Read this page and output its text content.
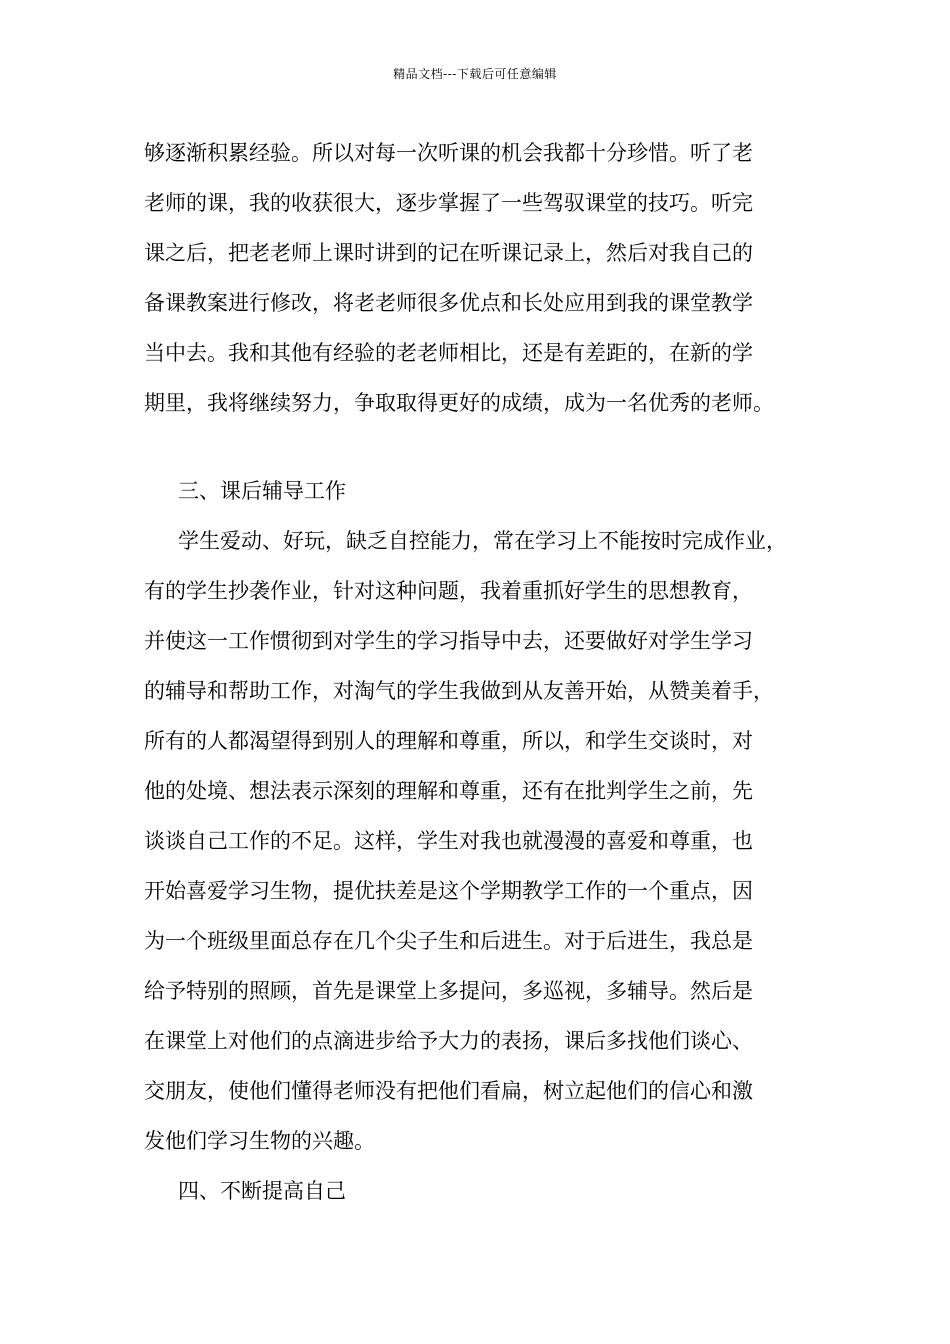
精品文档---下载后可任意编辑
够逐渐积累经验。所以对每一次听课的机会我都十分珍惜。听了老
老师的课，我的收获很大，逐步掌握了一些驾驭课堂的技巧。听完
课之后，把老老师上课时讲到的记在听课记录上，然后对我自己的
备课教案进行修改，将老老师很多优点和长处应用到我的课堂教学
当中去。我和其他有经验的老老师相比，还是有差距的，在新的学
期里，我将继续努力，争取取得更好的成绩，成为一名优秀的老师。
三、课后辅导工作
学生爱动、好玩，缺乏自控能力，常在学习上不能按时完成作业，
有的学生抄袭作业，针对这种问题，我着重抓好学生的思想教育，
并使这一工作惯彻到对学生的学习指导中去，还要做好对学生学习
的辅导和帮助工作，对淘气的学生我做到从友善开始，从赞美着手，
所有的人都渴望得到别人的理解和尊重，所以，和学生交谈时，对
他的处境、想法表示深刻的理解和尊重，还有在批判学生之前，先
谈谈自己工作的不足。这样，学生对我也就漫漫的喜爱和尊重，也
开始喜爱学习生物，提优扶差是这个学期教学工作的一个重点，因
为一个班级里面总存在几个尖子生和后进生。对于后进生，我总是
给予特别的照顾，首先是课堂上多提问，多巡视，多辅导。然后是
在课堂上对他们的点滴进步给予大力的表扬，课后多找他们谈心、
交朋友，使他们懂得老师没有把他们看扁，树立起他们的信心和激
发他们学习生物的兴趣。
四、不断提高自己
